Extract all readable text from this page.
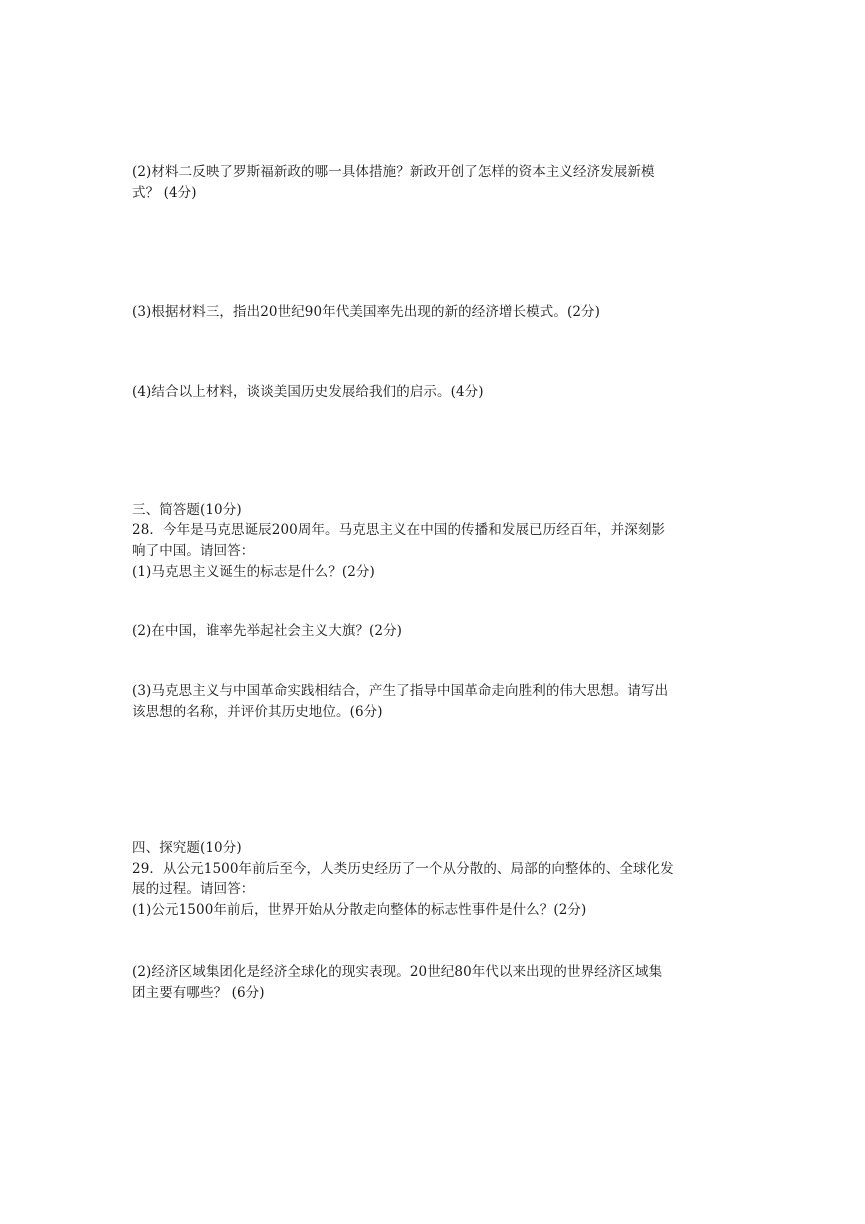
(2)材料二反映了罗斯福新政的哪一具体措施？新政开创了怎样的资本主义经济发展新模
式？ (4分)
(3)根据材料三，指出20世纪90年代美国率先出现的新的经济增长模式。(2分)
(4)结合以上材料，谈谈美国历史发展给我们的启示。(4分)
三、简答题(10分)
28．今年是马克思诞辰200周年。马克思主义在中国的传播和发展已历经百年，并深刻影
响了中国。请回答：
(1)马克思主义诞生的标志是什么？(2分)
(2)在中国，谁率先举起社会主义大旗？(2分)
(3)马克思主义与中国革命实践相结合，产生了指导中国革命走向胜利的伟大思想。请写出
该思想的名称，并评价其历史地位。(6分)
四、探究题(10分)
29．从公元1500年前后至今，人类历史经历了一个从分散的、局部的向整体的、全球化发
展的过程。请回答：
(1)公元1500年前后，世界开始从分散走向整体的标志性事件是什么？(2分)
(2)经济区域集团化是经济全球化的现实表现。20世纪80年代以来出现的世界经济区域集
团主要有哪些？ (6分)
